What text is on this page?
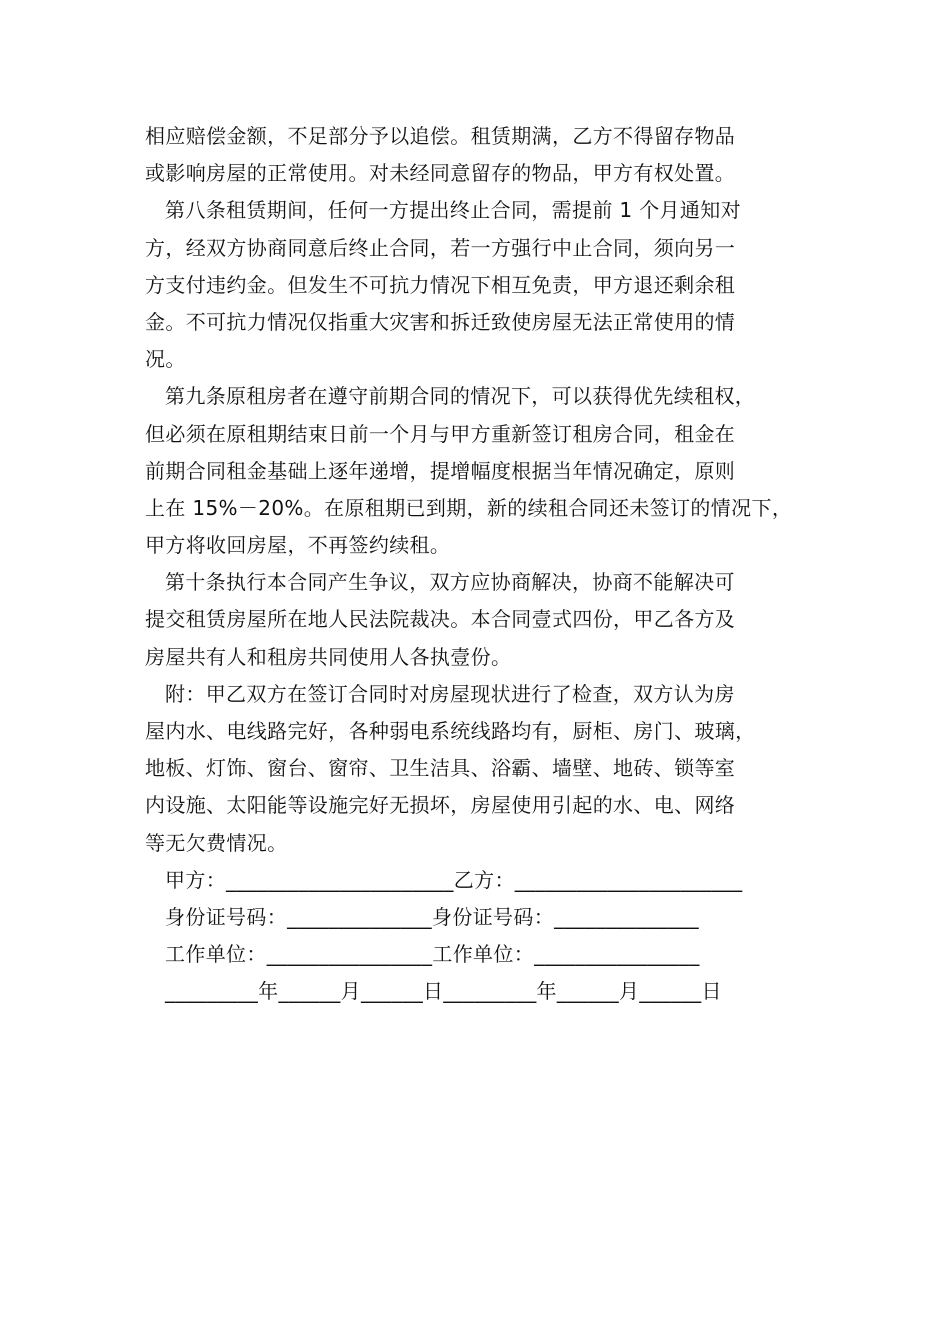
相应赔偿金额，不足部分予以追偿。租赁期满，乙方不得留存物品
或影响房屋的正常使用。对未经同意留存的物品，甲方有权处置。
第八条租赁期间，任何一方提出终止合同，需提前 1 个月通知对
方，经双方协商同意后终止合同，若一方强行中止合同，须向另一
方支付违约金。但发生不可抗力情况下相互免责，甲方退还剩余租
金。不可抗力情况仅指重大灾害和拆迁致使房屋无法正常使用的情
况。
第九条原租房者在遵守前期合同的情况下，可以获得优先续租权，
但必须在原租期结束日前一个月与甲方重新签订租房合同，租金在
前期合同租金基础上逐年递增，提增幅度根据当年情况确定，原则
上在 15%－20%。在原租期已到期，新的续租合同还未签订的情况下，
甲方将收回房屋，不再签约续租。
第十条执行本合同产生争议，双方应协商解决，协商不能解决可
提交租赁房屋所在地人民法院裁决。本合同壹式四份，甲乙各方及
房屋共有人和租房共同使用人各执壹份。
附：甲乙双方在签订合同时对房屋现状进行了检查，双方认为房
屋内水、电线路完好，各种弱电系统线路均有，厨柜、房门、玻璃，
地板、灯饰、窗台、窗帘、卫生洁具、浴霸、墙壁、地砖、锁等室
内设施、太阳能等设施完好无损坏，房屋使用引起的水、电、网络
等无欠费情况。
甲方：______________________乙方：______________________
身份证号码：______________身份证号码：______________
工作单位：________________工作单位：________________
_________年______月______日_________年______月______日
